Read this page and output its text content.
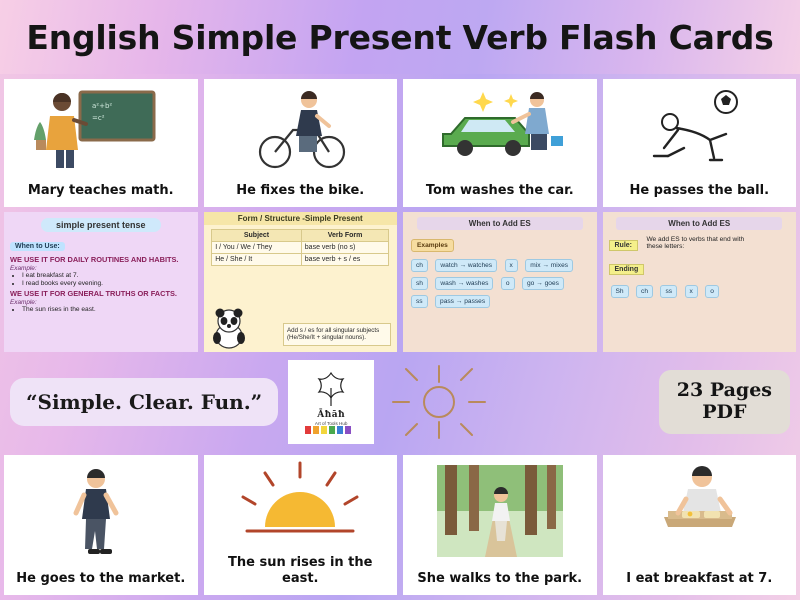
English Simple Present Verb Flash Cards
a²+b²
=c²
Mary teaches math.	He fixes the bike.	Tom washes the car.	He passes the ball.
simple present tense
When to Use:
WE USE IT FOR DAILY ROUTINES AND HABITS.
Example:
• I eat breakfast at 7.
• I read books every evening.
WE USE IT FOR GENERAL TRUTHS OR FACTS.
Example:
• The sun rises in the east.
Form / Structure -Simple Present
Subject	Verb Form
I / You / We / They	base verb (no s)
He / She / It	base verb + s / es
Add s / es for all singular subjects (He/She/It + singular nouns).
When to Add ES
Examples
ch	watch → watches	x	mix → mixes
sh	wash → washes	o	go → goes
ss	pass → passes
When to Add ES
Rule: We add ES to verbs that end with these letters:
Ending
Sh	ch	ss	x	o
“Simple. Clear. Fun.”
Āħāħ
Art of Tools Hub
23 Pages
PDF
He goes to the market.
The sun rises in the east.	She walks to the park.	I eat breakfast at 7.
